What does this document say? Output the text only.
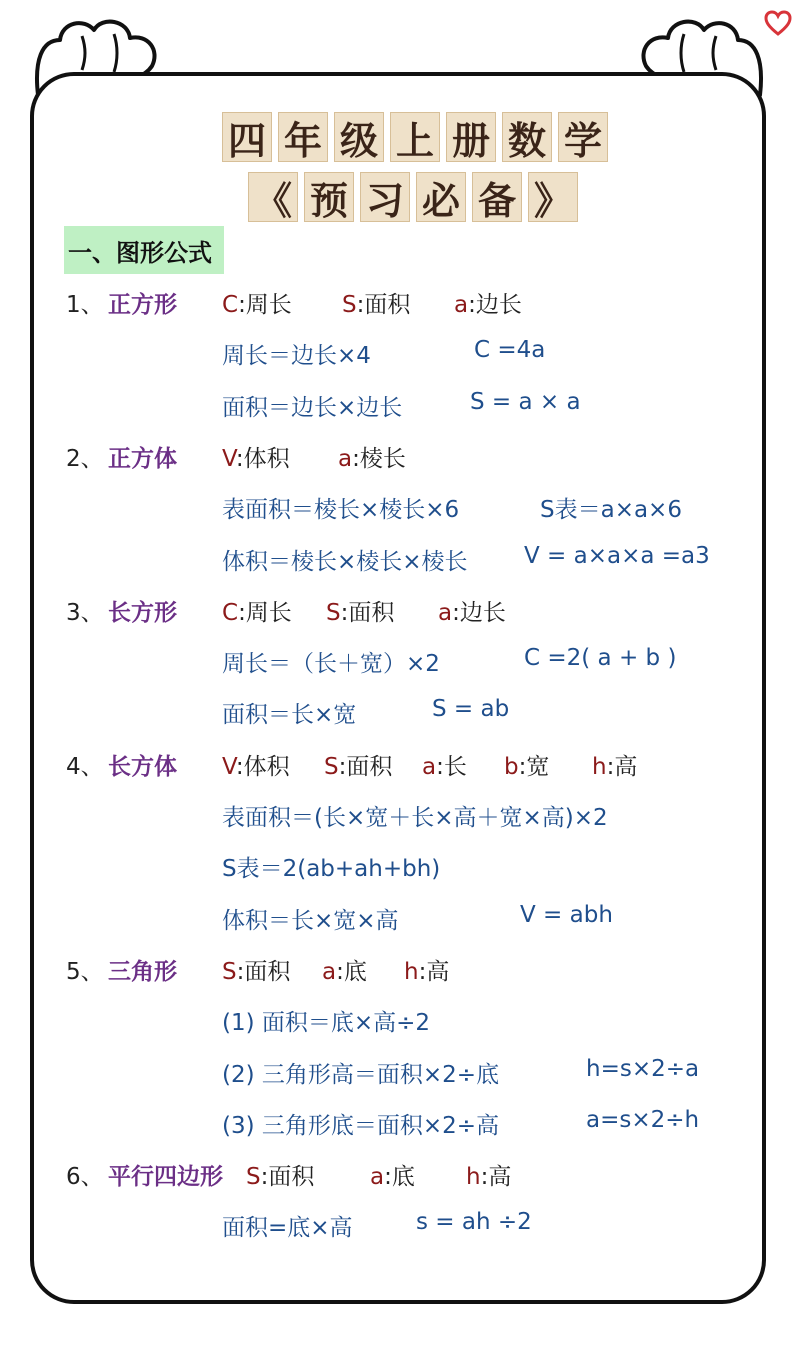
四 年 级 上 册 数 学
《 预 习 必 备 》
一、图形公式
1、 正方形 C:周长 S:面积 a:边长
周长＝边长×4	C =4a
面积＝边长×边长	S = a × a
2、 正方体 V:体积 a:棱长
表面积＝棱长×棱长×6	S表＝a×a×6
体积＝棱长×棱长×棱长 V = a×a×a =a3
3、 长方形 C:周长 S:面积 a:边长
周长＝（长＋宽）×2	C =2( a + b )
面积＝长×宽	S = ab
4、 长方体 V:体积 S:面积 a:长 b:宽 h:高
表面积＝(长×宽＋长×高＋宽×高)×2
S表＝2(ab+ah+bh)
体积＝长×宽×高	V = abh
5、 三角形 S:面积 a:底 h:高
(1) 面积＝底×高÷2
(2) 三角形高＝面积×2÷底	h=s×2÷a
(3) 三角形底＝面积×2÷高	a=s×2÷h
6、 平行四边形 S:面积 a:底 h:高
面积=底×高	s = ah ÷2
